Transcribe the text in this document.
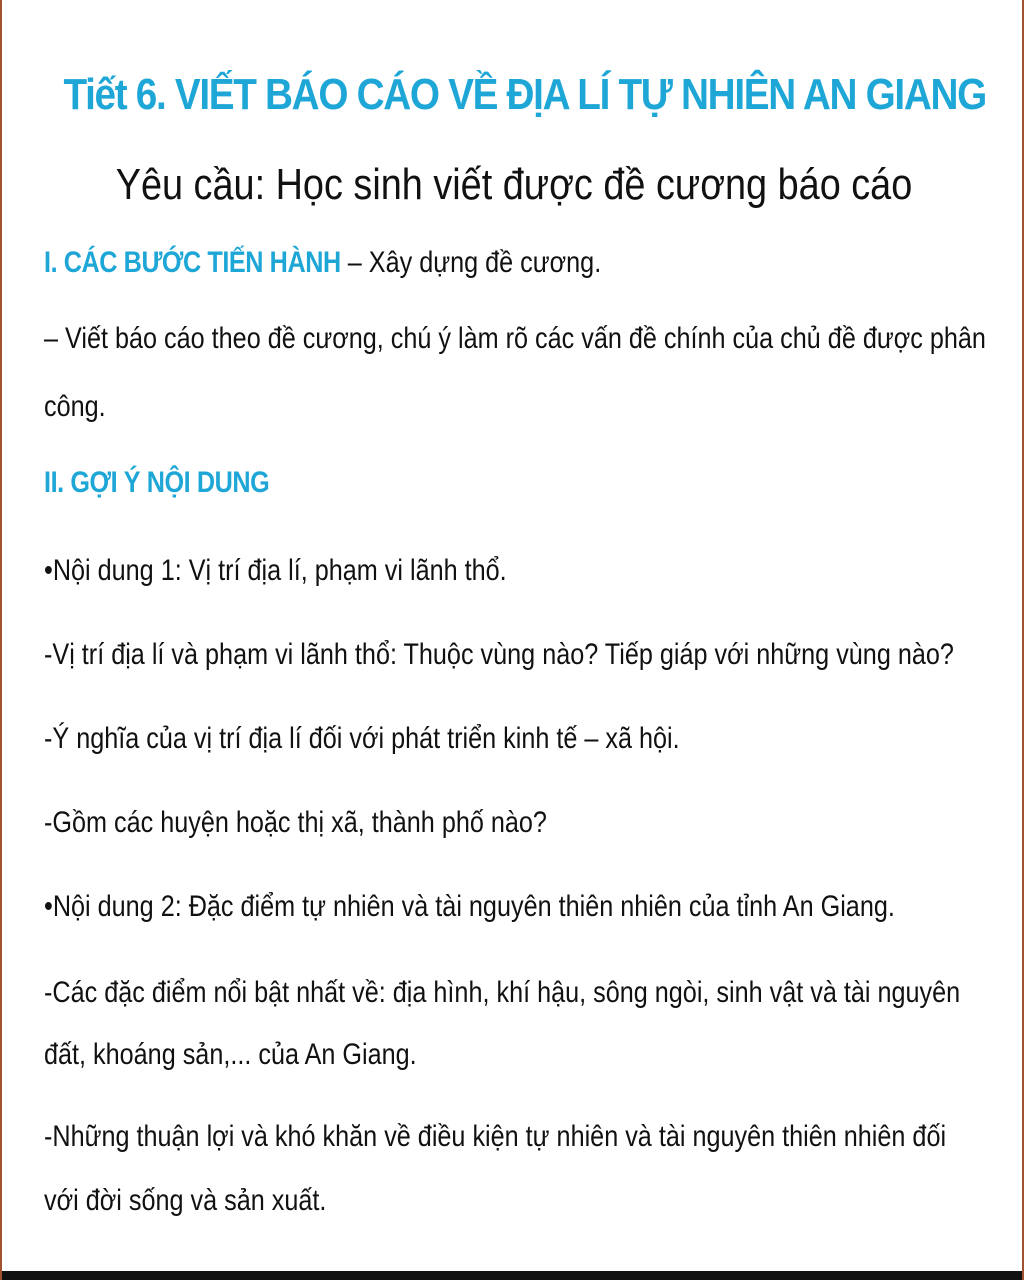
Tiết 6. VIẾT BÁO CÁO VỀ ĐỊA LÍ TỰ NHIÊN AN GIANG
Yêu cầu: Học sinh viết được đề cương báo cáo
I. CÁC BƯỚC TIẾN HÀNH – Xây dựng đề cương.
– Viết báo cáo theo đề cương, chú ý làm rõ các vấn đề chính của chủ đề được phân
công.
II. GỢI Ý NỘI DUNG
•Nội dung 1: Vị trí địa lí, phạm vi lãnh thổ.
-Vị trí địa lí và phạm vi lãnh thổ: Thuộc vùng nào? Tiếp giáp với những vùng nào?
-Ý nghĩa của vị trí địa lí đối với phát triển kinh tế – xã hội.
-Gồm các huyện hoặc thị xã, thành phố nào?
•Nội dung 2: Đặc điểm tự nhiên và tài nguyên thiên nhiên của tỉnh An Giang.
-Các đặc điểm nổi bật nhất về: địa hình, khí hậu, sông ngòi, sinh vật và tài nguyên
đất, khoáng sản,... của An Giang.
-Những thuận lợi và khó khăn về điều kiện tự nhiên và tài nguyên thiên nhiên đối
với đời sống và sản xuất.
